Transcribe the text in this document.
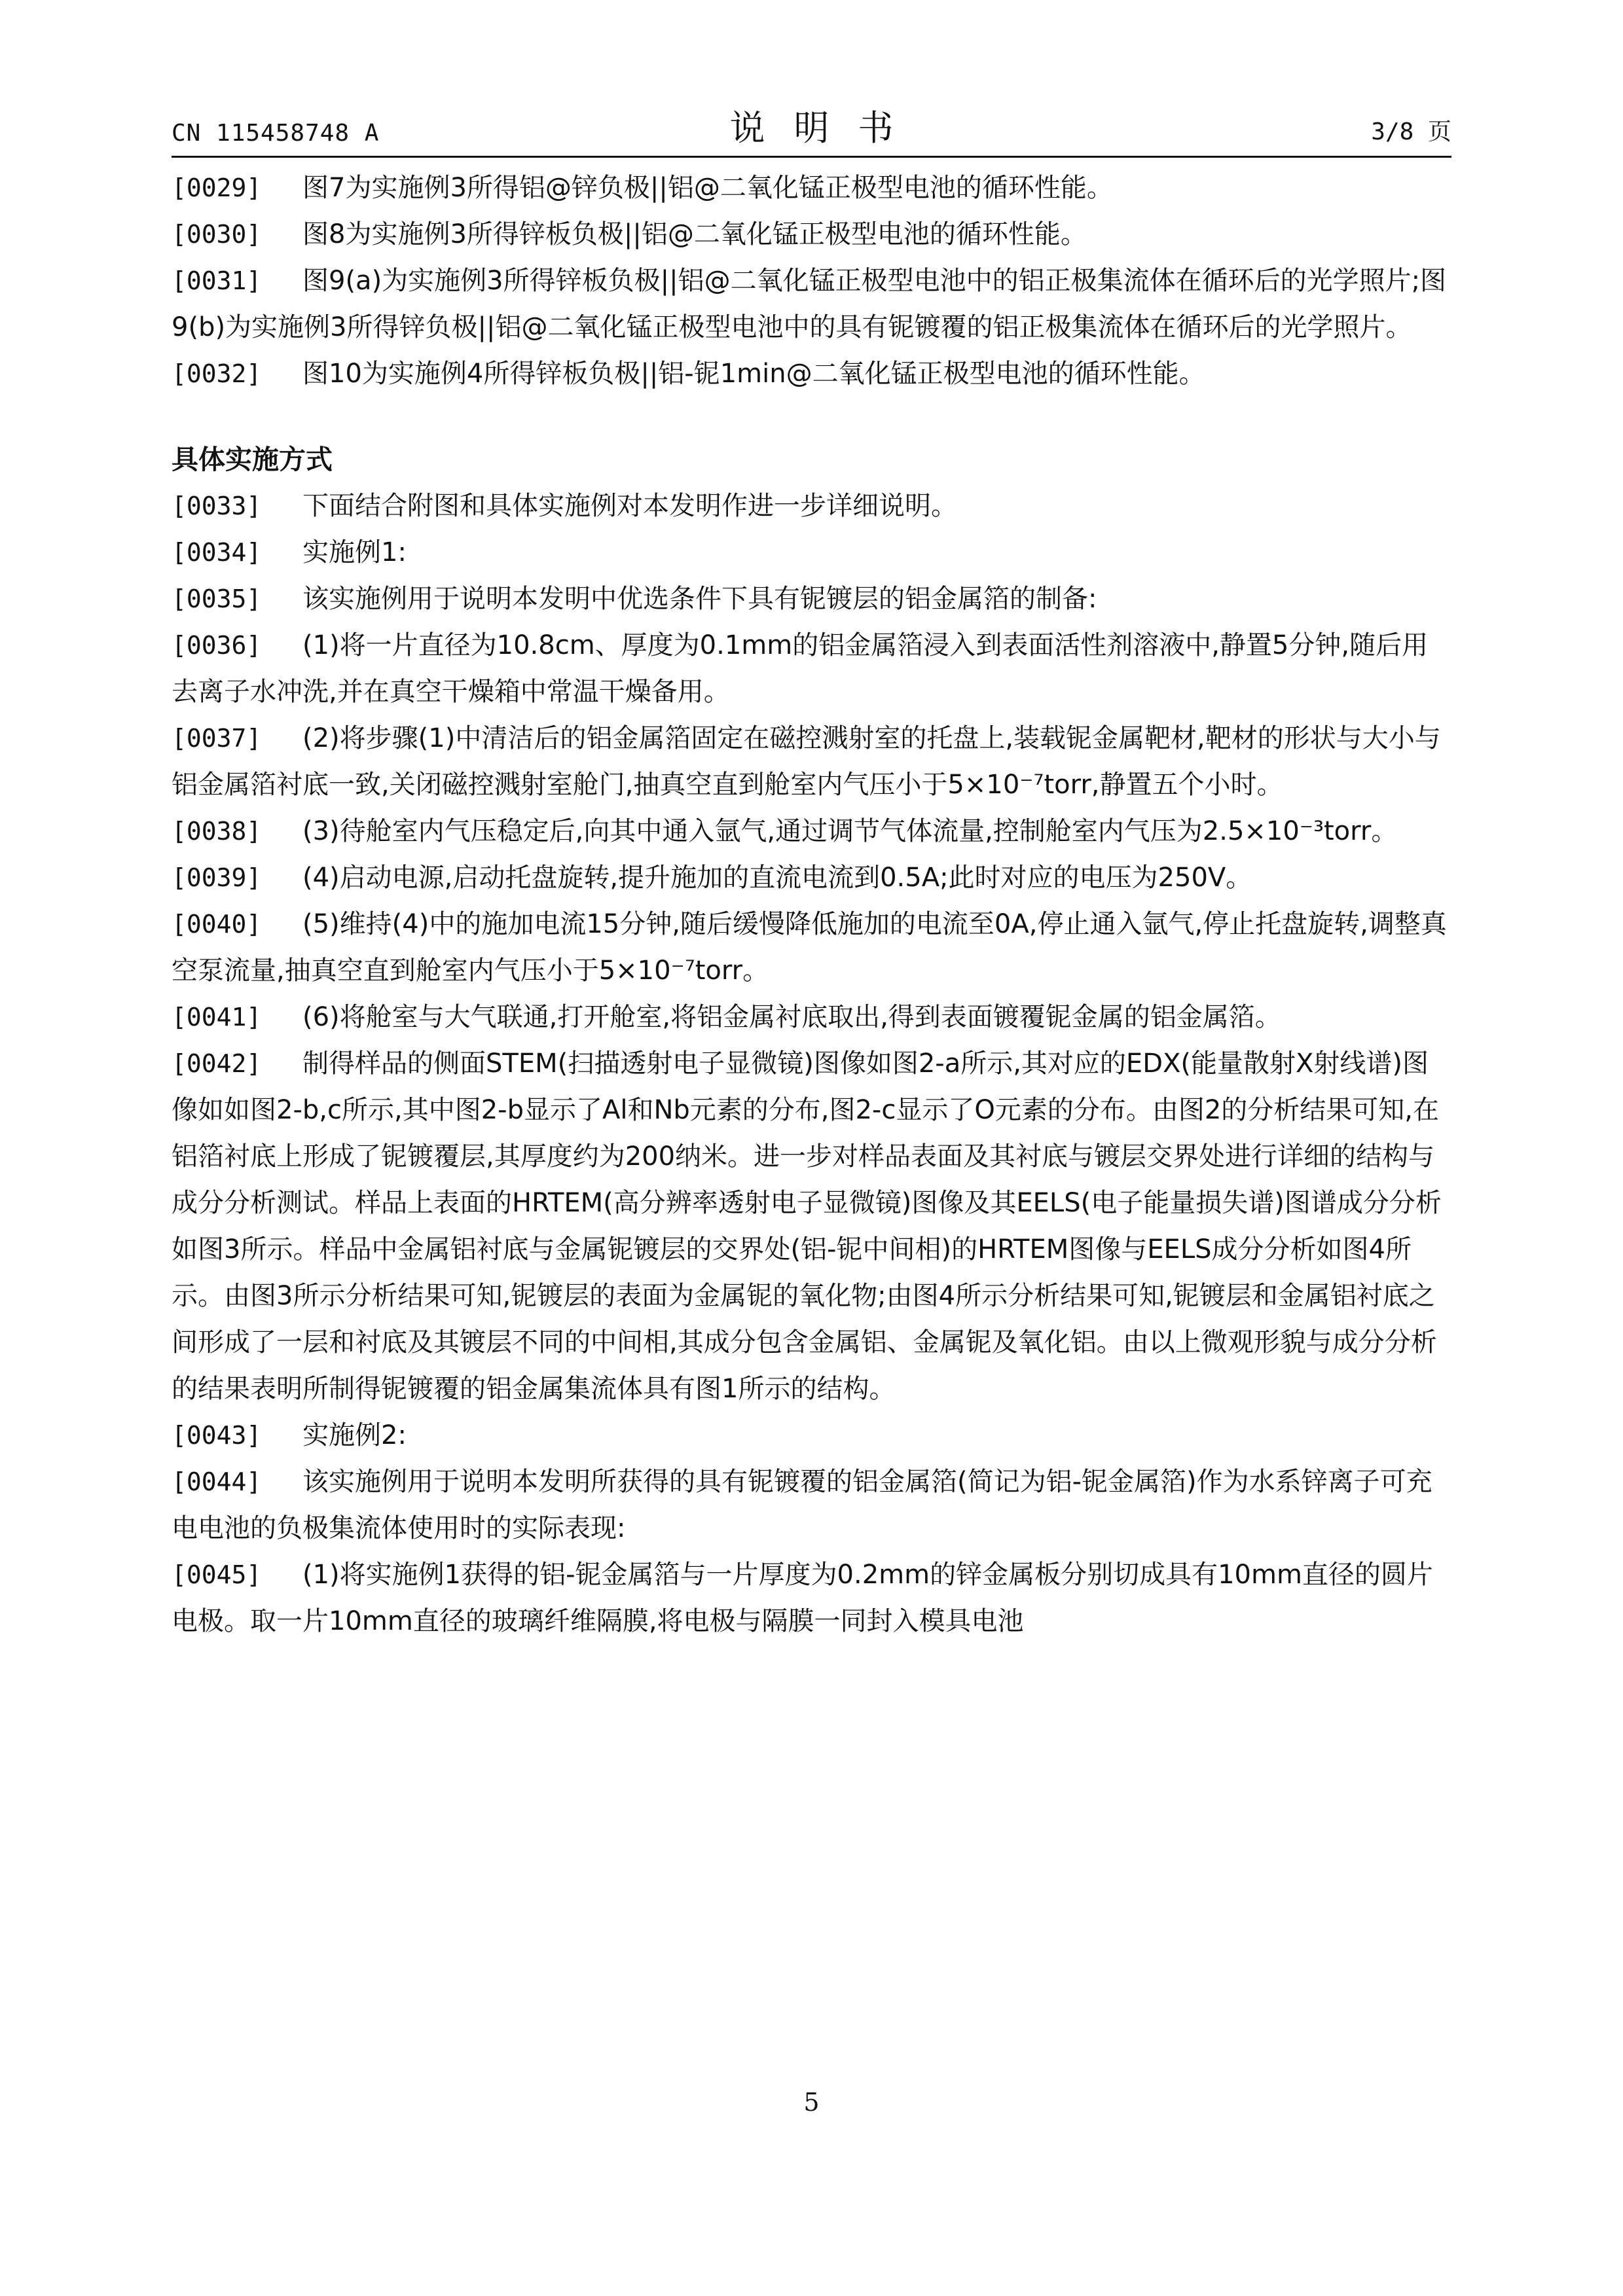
CN 115458748 A	说明书	3/8 页
[0029] 图7为实施例3所得铝@锌负极||铝@二氧化锰正极型电池的循环性能。
[0030] 图8为实施例3所得锌板负极||铝@二氧化锰正极型电池的循环性能。
[0031] 图9(a)为实施例3所得锌板负极||铝@二氧化锰正极型电池中的铝正极集流体在循环后的光学照片;图9(b)为实施例3所得锌负极||铝@二氧化锰正极型电池中的具有铌镀覆的铝正极集流体在循环后的光学照片。
[0032] 图10为实施例4所得锌板负极||铝-铌1min@二氧化锰正极型电池的循环性能。
具体实施方式
[0033] 下面结合附图和具体实施例对本发明作进一步详细说明。
[0034] 实施例1:
[0035] 该实施例用于说明本发明中优选条件下具有铌镀层的铝金属箔的制备:
[0036] (1)将一片直径为10.8cm、厚度为0.1mm的铝金属箔浸入到表面活性剂溶液中,静置5分钟,随后用去离子水冲洗,并在真空干燥箱中常温干燥备用。
[0037] (2)将步骤(1)中清洁后的铝金属箔固定在磁控溅射室的托盘上,装载铌金属靶材,靶材的形状与大小与铝金属箔衬底一致,关闭磁控溅射室舱门,抽真空直到舱室内气压小于5×10⁻⁷torr,静置五个小时。
[0038] (3)待舱室内气压稳定后,向其中通入氩气,通过调节气体流量,控制舱室内气压为2.5×10⁻³torr。
[0039] (4)启动电源,启动托盘旋转,提升施加的直流电流到0.5A;此时对应的电压为250V。
[0040] (5)维持(4)中的施加电流15分钟,随后缓慢降低施加的电流至0A,停止通入氩气,停止托盘旋转,调整真空泵流量,抽真空直到舱室内气压小于5×10⁻⁷torr。
[0041] (6)将舱室与大气联通,打开舱室,将铝金属衬底取出,得到表面镀覆铌金属的铝金属箔。
[0042] 制得样品的侧面STEM(扫描透射电子显微镜)图像如图2-a所示,其对应的EDX(能量散射X射线谱)图像如如图2-b,c所示,其中图2-b显示了Al和Nb元素的分布,图2-c显示了O元素的分布。由图2的分析结果可知,在铝箔衬底上形成了铌镀覆层,其厚度约为200纳米。进一步对样品表面及其衬底与镀层交界处进行详细的结构与成分分析测试。样品上表面的HRTEM(高分辨率透射电子显微镜)图像及其EELS(电子能量损失谱)图谱成分分析如图3所示。样品中金属铝衬底与金属铌镀层的交界处(铝-铌中间相)的HRTEM图像与EELS成分分析如图4所示。由图3所示分析结果可知,铌镀层的表面为金属铌的氧化物;由图4所示分析结果可知,铌镀层和金属铝衬底之间形成了一层和衬底及其镀层不同的中间相,其成分包含金属铝、金属铌及氧化铝。由以上微观形貌与成分分析的结果表明所制得铌镀覆的铝金属集流体具有图1所示的结构。
[0043] 实施例2:
[0044] 该实施例用于说明本发明所获得的具有铌镀覆的铝金属箔(简记为铝-铌金属箔)作为水系锌离子可充电电池的负极集流体使用时的实际表现:
[0045] (1)将实施例1获得的铝-铌金属箔与一片厚度为0.2mm的锌金属板分别切成具有10mm直径的圆片电极。取一片10mm直径的玻璃纤维隔膜,将电极与隔膜一同封入模具电池
5
